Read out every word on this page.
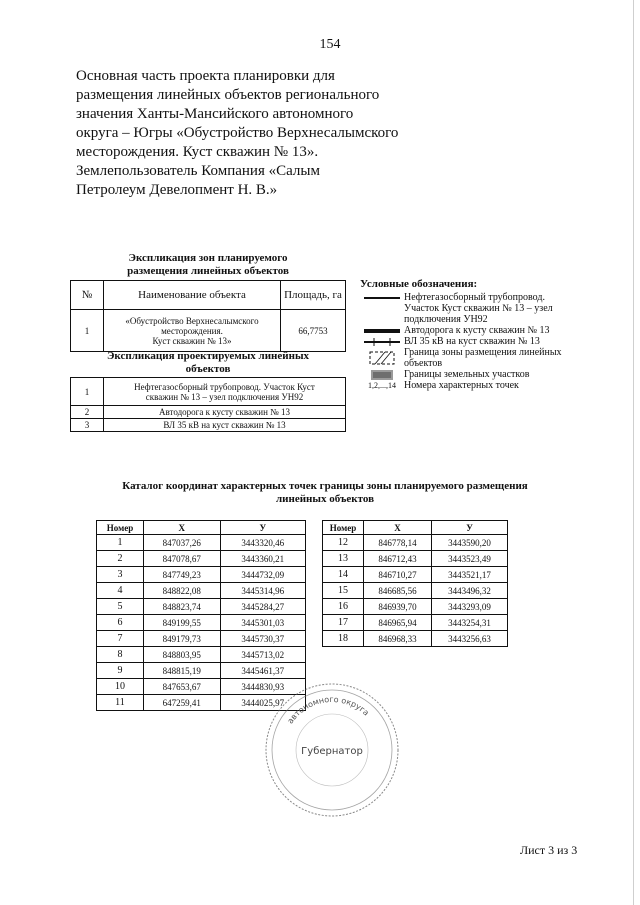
154
Основная часть проекта планировки для
размещения линейных объектов регионального
значения Ханты-Мансийского автономного
округа – Югры «Обустройство Верхнесалымского
месторождения. Куст скважин № 13».
Землепользователь Компания «Салым
Петролеум Девелопмент Н. В.»
Экспликация зон планируемого
размещения линейных объектов
№	Наименование объекта	Площадь, га
1	«Обустройство Верхнесалымского
месторождения.
Куст скважин № 13»	66,7753
Экспликация проектируемых линейных
объектов
1	Нефтегазосборный трубопровод. Участок Куст
скважин № 13 – узел подключения УН92

2	Автодорога к кусту скважин № 13
3	ВЛ 35 кВ на куст скважин № 13
Условные обозначения:
Нефтегазосборный трубопровод.
Участок Куст скважин № 13 – узел
подключения УН92
Автодорога к кусту скважин № 13
ВЛ 35 кВ на куст скважин № 13
Граница зоны размещения линейных
объектов
Границы земельных участков
1,2,...,14 Номера характерных точек
Каталог координат характерных точек границы зоны планируемого размещения
линейных объектов
Номер	X	У
1	847037,26	3443320,46
2	847078,67	3443360,21
3	847749,23	3444732,09
4	848822,08	3445314,96
5	848823,74	3445284,27
6	849199,55	3445301,03
7	849179,73	3445730,37
8	848803,95	3445713,02
9	848815,19	3445461,37
10	847653,67	3444830,93
11	647259,41	3444025,97
Номер	X	У
12	846778,14	3443590,20
13	846712,43	3443523,49
14	846710,27	3443521,17
15	846685,56	3443496,32
16	846939,70	3443293,09
17	846965,94	3443254,31
18	846968,33	3443256,63
автономного округа
Губернатор
Лист 3 из 3
